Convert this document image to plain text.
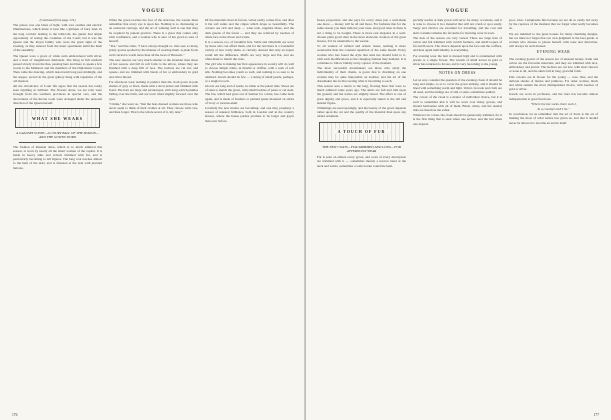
VOGUE

(Continued from page 174)

The palace was one blaze of light, with wax candles and electric illuminations, which made it look like a glimpse of fairy land. In the long corridor leading to the ballroom, the guests had ample opportunity of seeing the costumes of the Court; but it was the Queen and the Royal family who were the great sight of the evening, as they entered from the inner apartments amid the hush of the assembly.

The Queen wore a gown of white satin embroidered with silver, and a tiara of magnificent diamonds. The King in full uniform passed slowly down the line, pausing here and there to speak a few words to the Ministers and the members of the Diplomatic Corps. Then came the dancing, which lasted until long past midnight, and the supper, served in the great gallery hung with tapestries of the old masters.

All the chroniclers of Court life agree that the season has rarely seen anything so brilliant. The flowers alone, we are told, were brought from the southern provinces in special cars, and the decorations of the throne room were arranged under the personal direction of the Queen herself.

WHAT SHE WEARS

A GALLERY SCENE—A COURT BALL OF THE SEASON—AND THE GOWNS WORN

The fashion of Russian dress, which is so much admired this season, is worn by nearly all the smart women of the capital. It is made in heavy silks and velvets trimmed with fur, and is particularly becoming to tall figures. The long coat reaches almost to the hem of the skirt, and is fastened at the side with jeweled buttons.

When the gown reaches the foot of the staircase, the wearer must remember that every eye is upon her. Nothing is so distressing as an awkward carriage, and the art of walking well is one that may be acquired by patient practice. There is a grace that comes only with confidence, and a woman who is sure of her gown is sure of herself.

"Yes," said the other, "I have always thought so. One sees so many pretty gowns spoiled by the manner of wearing them. A plain frock well carried is worth more than all the laces of Brussels."

The new sleeves are very much smaller at the shoulder than those of last season, and fall in soft folds to the elbow, where they are finished with a deep frill of lace. The bodices are cut low and square, and are trimmed with bands of fur or embroidery in gold and silver thread.

For afternoon wear nothing is prettier than the cloth gown in pale shades of grey or fawn, made with a short jacket and trimmed with braid. The hats are large and picturesque, with long ostrich plumes falling over the brim, and are worn tilted slightly forward over the eyes.

"I think," she went on, "that the best-dressed women are those who never seem to think of their clothes at all. They choose with care, and then forget. That is the whole secret of it, my dear."

Of the materials most in favour, velvet easily comes first, and after it the soft satins and the crêpes which drape so beautifully. The colours are rich and deep — wine reds, sapphire blues, and the dark greens of the forest — and they are relieved by touches of white lace at the throat and wrists.

It is a season, too, of beautiful furs. Sable and chinchilla are worn by those who can afford them, and for the rest there is a wonderful variety of less costly skins, so cleverly dressed that only an expert could tell the difference. Muffs are very large and flat, and are often made to match the stole.

The girl who is making her first appearance in society will do well to choose simple white, in muslin or chiffon, with a sash of soft silk. Nothing becomes youth so well, and nothing is so sure to be admired. Jewels should be few — a string of small pearls, perhaps, or a single brooch.

Gloves are long and of suède, in white or the palest tints. Shoes are of satin to match the gown, with small buckles of paste or cut steel. The fan, which had gone out of fashion for a time, has come back again, and is made of feathers or painted gauze mounted on sticks of ivory or tortoise-shell.

Certainly the new modes are becoming, and one may prophesy a season of unusual brilliance, both in London and in the country houses, where the house parties promise to be larger and gayer than ever before.

176
VOGUE

fesses proportion; and she pays for every dress just a well-made one more — money will be all and more. For fashions that for the same reason you must indicate your taste, and good taste in dress is not a thing to be bought. There is more real elegance in a well-chosen plain gown than in the most elaborate creation of the great houses, if it be unsuitable to the wearer.

To all women of refined and artistic tastes, nothing is more wearisome than the constant repetition of the same model. Every woman who has found the style that suits her should hold to it, with such modifications as the changing fashion may demand. It is a mistake to follow blindly every caprice of the moment.

The most successful dressmakers are those who study the individuality of their clients. A gown that is charming on one woman may be quite impossible on another, and the art of the dressmaker lies in discovering what is becoming to each.

This season sees a return to the long, flowing lines that were so much admired some years ago. The skirts are full and trail upon the ground, and the waists are slightly raised. The effect is one of great dignity and grace, and it is especially suited to the tall and slender figure.

Trimmings are used sparingly, and the beauty of the gown depends rather upon the cut and the quality of the material than upon any added ornament.

A TOUCH OF FUR

THE NEW COATS—FUR-TRIMMED AND LONG—FOR AFTERNOON WEAR

Fur is seen on almost every gown, and coats of every description are trimmed with it — sometimes merely a narrow band at the neck and wrists, sometimes a wide border round the hem.

pecially useful. A dark gown will serve for many occasions, and it is wise to choose it in a material that will not crush or spot easily. Serge and cheviot are excellent for travelling, and the coat and skirt costume remains the favourite for morning wear in town.

The hats of the season are very varied. There are large hats of velvet and felt trimmed with ostrich feathers, and small toques of fur and flowers. The choice depends upon the face and the coiffure, and here again individuality is everything.

For evening wear the hair is dressed high and is ornamented with jewels or a single flower. The wreath of small leaves in gold or silver has returned to favour, and is very becoming to the young.

NOTES ON DRESS

Let us now consider the question of the evening cloak. It should be long and ample, so as to cover the gown entirely, and it should be lined with something warm and light. Velvet, brocade and cloth are all used, and the linings are of silk or satin, sometimes quilted.

The colour of the cloak is a matter of individual choice, but it is well to remember that it will be worn over many gowns, and should harmonise with all of them. Black, white, and the neutral tints are therefore the safest.

Whatever its colour, the cloak should be generously trimmed, for it is the first thing that is seen when one arrives, and the last when one departs.

poor, wise. I emphasize this because we are all so easily led away by the caprices of the moment that we forget what really becomes us.

We are indebted to the great houses for many charming designs, but we must not forget that our own judgment is the best guide. A woman who dresses to please herself, with taste and discretion, will always be well dressed.

EVENING WEAR

The evening gowns of the season are of unusual beauty. Satin and velvet are the favourite materials, and they are trimmed with lace, embroidery and jewels. The bodices are cut low, with short sleeves or none at all, and the skirts fall in long, graceful folds.

Pale colours are in favour for the young — rose, blue, and the delicate shades of mauve and primrose. For older women, black and white remain the most distinguished choice, with touches of gold or silver.

Jewels are worn in profusion, and the tiara has become almost indispensable at great functions.

"Where the bee sucks, there suck I,

In a cowslip's bell I lie."

In conclusion, let us remember that the art of dress is the art of making the most of what nature has given us, and that it should never be allowed to become an end in itself.

177
